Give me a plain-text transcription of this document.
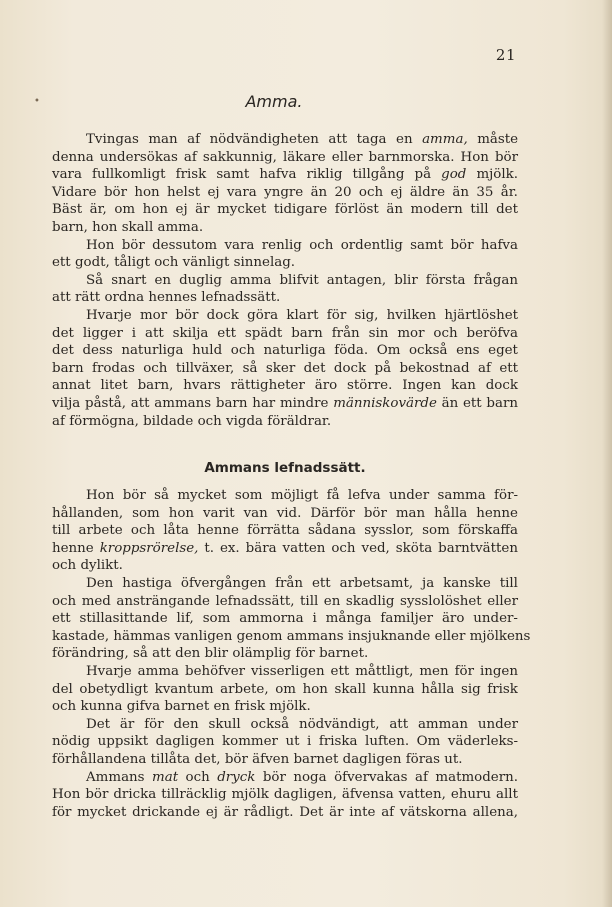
•
21
Amma.
Tvingas man af nödvändigheten att taga en amma, måste
denna undersökas af sakkunnig, läkare eller barnmorska. Hon bör
vara fullkomligt frisk samt hafva riklig tillgång på god mjölk.
Vidare bör hon helst ej vara yngre än 20 och ej äldre än 35 år.
Bäst är, om hon ej är mycket tidigare förlöst än modern till det
barn, hon skall amma.
Hon bör dessutom vara renlig och ordentlig samt bör hafva
ett godt, tåligt och vänligt sinnelag.
Så snart en duglig amma blifvit antagen, blir första frågan
att rätt ordna hennes lefnadssätt.
Hvarje mor bör dock göra klart för sig, hvilken hjärtlöshet
det ligger i att skilja ett spädt barn från sin mor och beröfva
det dess naturliga huld och naturliga föda. Om också ens eget
barn frodas och tillväxer, så sker det dock på bekostnad af ett
annat litet barn, hvars rättigheter äro större. Ingen kan dock
vilja påstå, att ammans barn har mindre människovärde än ett barn
af förmögna, bildade och vigda föräldrar.
Ammans lefnadssätt.
Hon bör så mycket som möjligt få lefva under samma för-
hållanden, som hon varit van vid. Därför bör man hålla henne
till arbete och låta henne förrätta sådana sysslor, som förskaffa
henne kroppsrörelse, t. ex. bära vatten och ved, sköta barntvätten
och dylikt.
Den hastiga öfvergången från ett arbetsamt, ja kanske till
och med ansträngande lefnadssätt, till en skadlig sysslolöshet eller
ett stillasittande lif, som ammorna i många familjer äro under-
kastade, hämmas vanligen genom ammans insjuknande eller mjölkens
förändring, så att den blir olämplig för barnet.
Hvarje amma behöfver visserligen ett måttligt, men för ingen
del obetydligt kvantum arbete, om hon skall kunna hålla sig frisk
och kunna gifva barnet en frisk mjölk.
Det är för den skull också nödvändigt, att amman under
nödig uppsikt dagligen kommer ut i friska luften. Om väderleks-
förhållandena tillåta det, bör äfven barnet dagligen föras ut.
Ammans mat och dryck bör noga öfvervakas af matmodern.
Hon bör dricka tillräcklig mjölk dagligen, äfvensa vatten, ehuru allt
för mycket drickande ej är rådligt. Det är inte af vätskorna allena,
